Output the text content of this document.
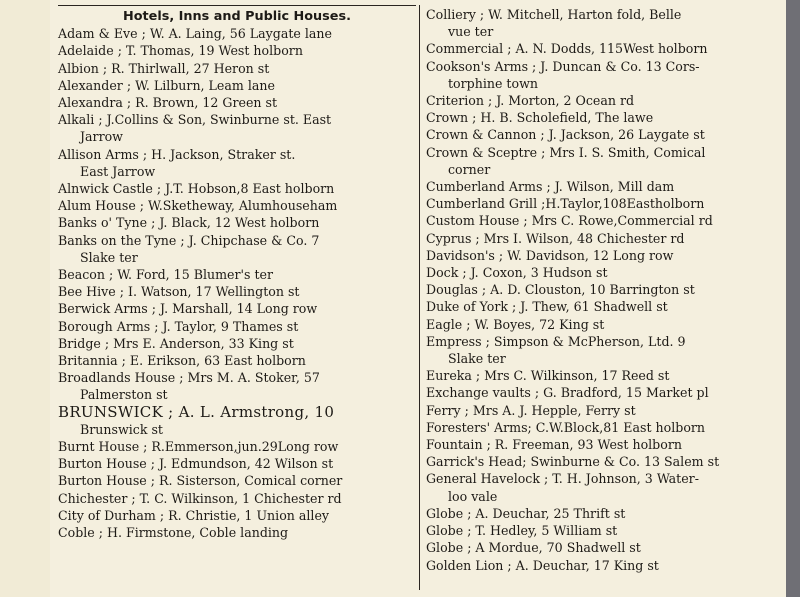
Hotels, Inns and Public Houses.
Adam & Eve ; W. A. Laing, 56 Laygate lane
Adelaide ; T. Thomas, 19 West holborn
Albion ; R. Thirlwall, 27 Heron st
Alexander ; W. Lilburn, Leam lane
Alexandra ; R. Brown, 12 Green st
Alkali ; J.Collins & Son, Swinburne st. East
Jarrow
Allison Arms ; H. Jackson, Straker st.
East Jarrow
Alnwick Castle ; J.T. Hobson,8 East holborn
Alum House ; W.Sketheway, Alumhouseham
Banks o' Tyne ; J. Black, 12 West holborn
Banks on the Tyne ; J. Chipchase & Co. 7
Slake ter
Beacon ; W. Ford, 15 Blumer's ter
Bee Hive ; I. Watson, 17 Wellington st
Berwick Arms ; J. Marshall, 14 Long row
Borough Arms ; J. Taylor, 9 Thames st
Bridge ; Mrs E. Anderson, 33 King st
Britannia ; E. Erikson, 63 East holborn
Broadlands House ; Mrs M. A. Stoker, 57
Palmerston st
BRUNSWICK ; A. L. Armstrong, 10
Brunswick st
Burnt House ; R.Emmerson,jun.29Long row
Burton House ; J. Edmundson, 42 Wilson st
Burton House ; R. Sisterson, Comical corner
Chichester ; T. C. Wilkinson, 1 Chichester rd
City of Durham ; R. Christie, 1 Union alley
Coble ; H. Firmstone, Coble landing
Colliery ; W. Mitchell, Harton fold, Belle
vue ter
Commercial ; A. N. Dodds, 115West holborn
Cookson's Arms ; J. Duncan & Co. 13 Cors-
torphine town
Criterion ; J. Morton, 2 Ocean rd
Crown ; H. B. Scholefield, The lawe
Crown & Cannon ; J. Jackson, 26 Laygate st
Crown & Sceptre ; Mrs I. S. Smith, Comical
corner
Cumberland Arms ; J. Wilson, Mill dam
Cumberland Grill ;H.Taylor,108Eastholborn
Custom House ; Mrs C. Rowe,Commercial rd
Cyprus ; Mrs I. Wilson, 48 Chichester rd
Davidson's ; W. Davidson, 12 Long row
Dock ; J. Coxon, 3 Hudson st
Douglas ; A. D. Clouston, 10 Barrington st
Duke of York ; J. Thew, 61 Shadwell st
Eagle ; W. Boyes, 72 King st
Empress ; Simpson & McPherson, Ltd. 9
Slake ter
Eureka ; Mrs C. Wilkinson, 17 Reed st
Exchange vaults ; G. Bradford, 15 Market pl
Ferry ; Mrs A. J. Hepple, Ferry st
Foresters' Arms; C.W.Block,81 East holborn
Fountain ; R. Freeman, 93 West holborn
Garrick's Head; Swinburne & Co. 13 Salem st
General Havelock ; T. H. Johnson, 3 Water-
loo vale
Globe ; A. Deuchar, 25 Thrift st
Globe ; T. Hedley, 5 William st
Globe ; A Mordue, 70 Shadwell st
Golden Lion ; A. Deuchar, 17 King st
